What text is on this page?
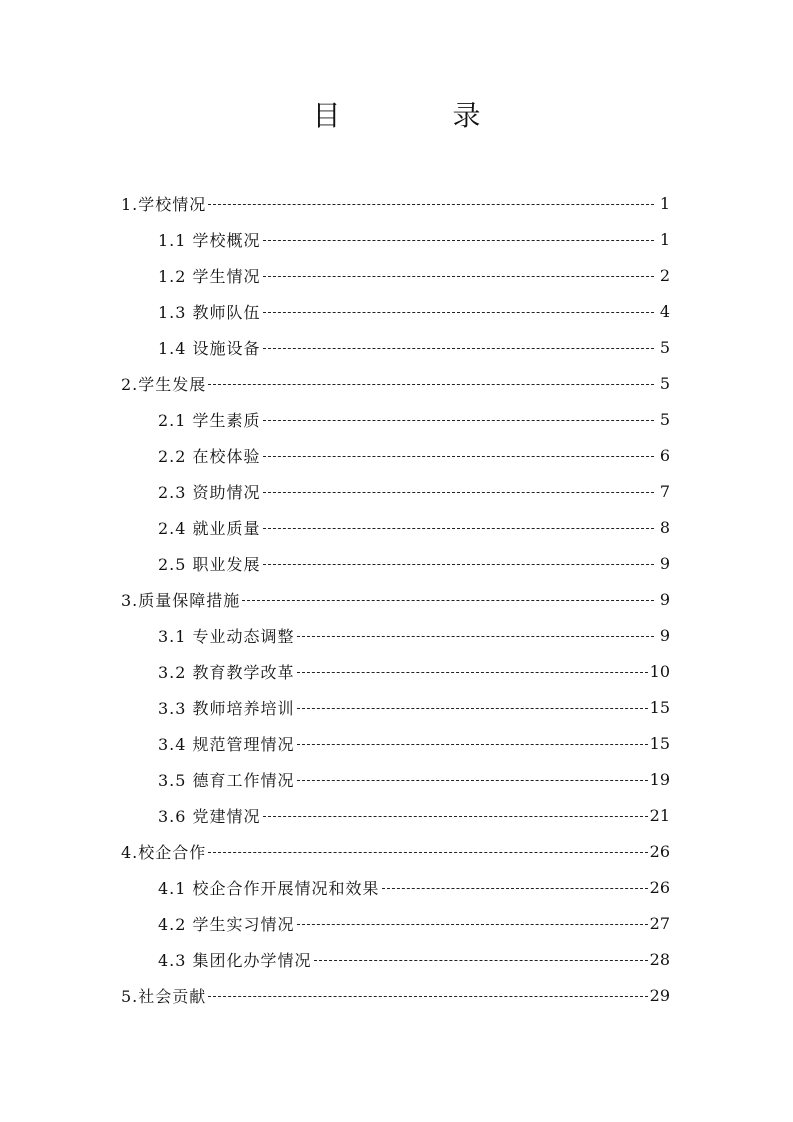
目　录
1.学校情况	1
1.1 学校概况	1
1.2 学生情况	2
1.3 教师队伍	4
1.4 设施设备	5
2.学生发展	5
2.1 学生素质	5
2.2 在校体验	6
2.3 资助情况	7
2.4 就业质量	8
2.5 职业发展	9
3.质量保障措施	9
3.1 专业动态调整	9
3.2 教育教学改革	10
3.3 教师培养培训	15
3.4 规范管理情况	15
3.5 德育工作情况	19
3.6 党建情况	21
4.校企合作	26
4.1 校企合作开展情况和效果	26
4.2 学生实习情况	27
4.3 集团化办学情况	28
5.社会贡献	29
